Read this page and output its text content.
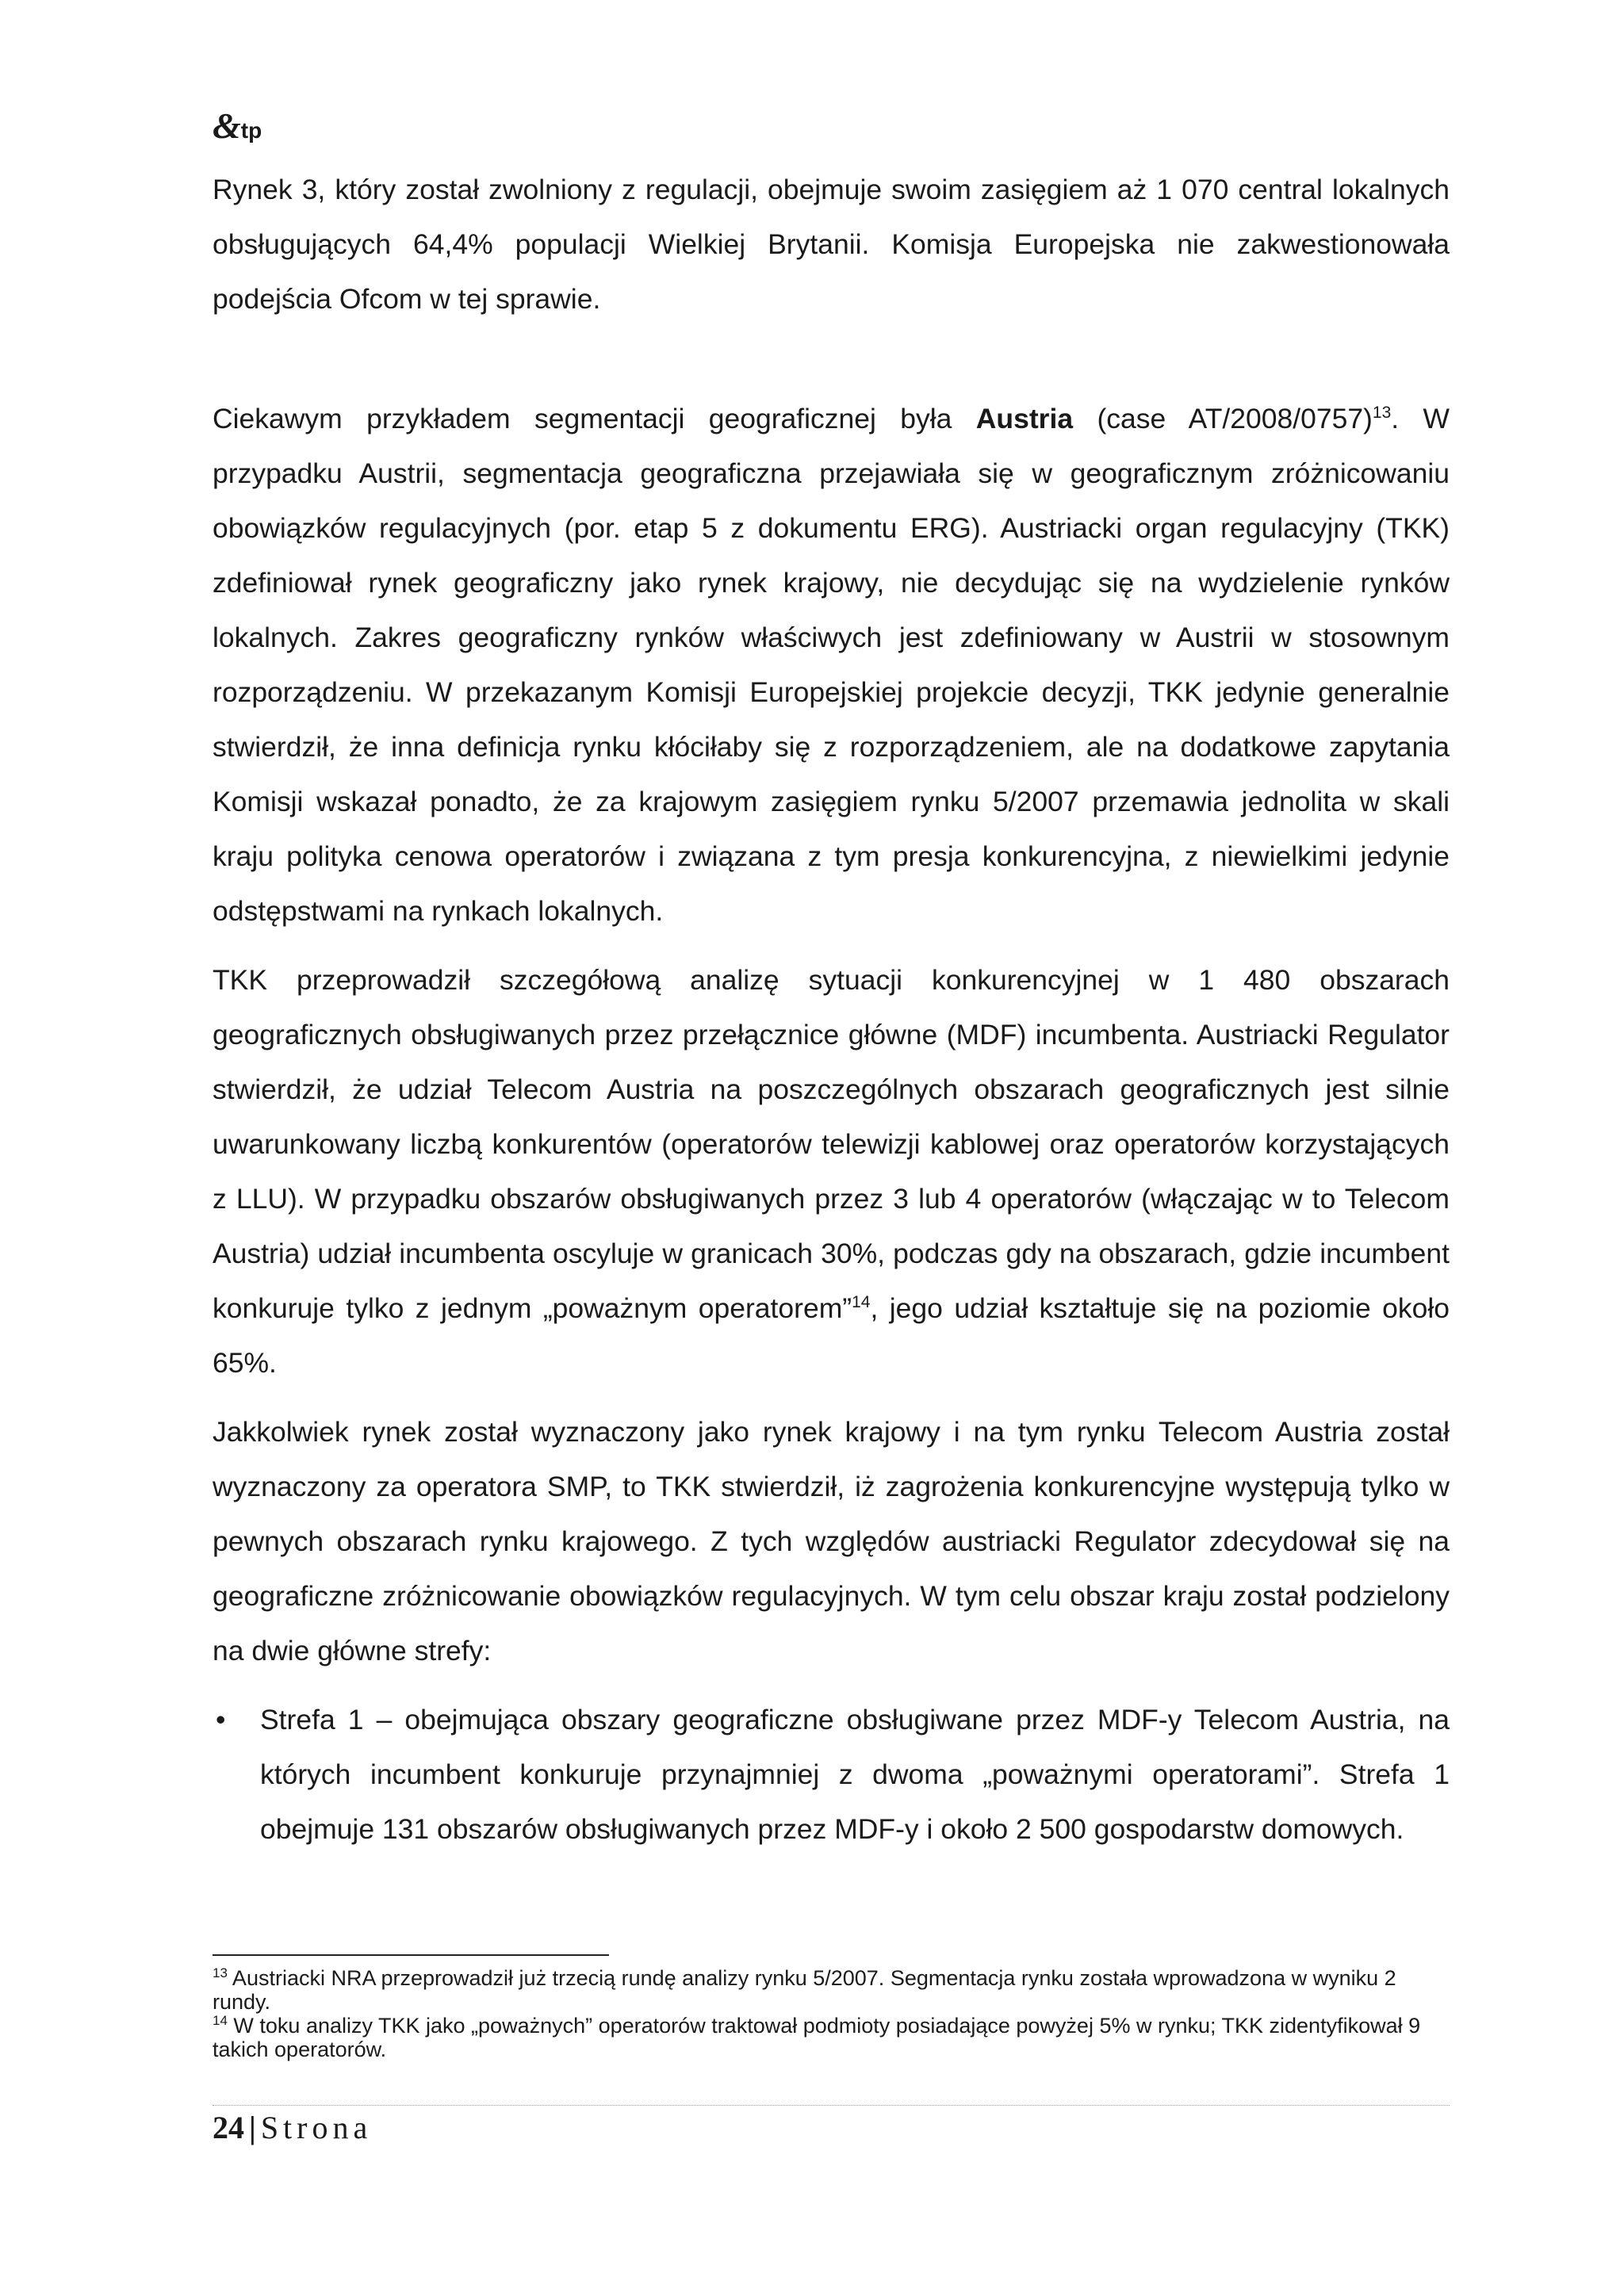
&tp

Rynek 3, który został zwolniony z regulacji, obejmuje swoim zasięgiem aż 1 070 central lokalnych obsługujących 64,4% populacji Wielkiej Brytanii. Komisja Europejska nie zakwestionowała podejścia Ofcom w tej sprawie.

Ciekawym przykładem segmentacji geograficznej była Austria (case AT/2008/0757)$^{13}$. W przypadku Austrii, segmentacja geograficzna przejawiała się w geograficznym zróżnicowaniu obowiązków regulacyjnych (por. etap 5 z dokumentu ERG). Austriacki organ regulacyjny (TKK) zdefiniował rynek geograficzny jako rynek krajowy, nie decydując się na wydzielenie rynków lokalnych. Zakres geograficzny rynków właściwych jest zdefiniowany w Austrii w stosownym rozporządzeniu. W przekazanym Komisji Europejskiej projekcie decyzji, TKK jedynie generalnie stwierdził, że inna definicja rynku kłóciłaby się z rozporządzeniem, ale na dodatkowe zapytania Komisji wskazał ponadto, że za krajowym zasięgiem rynku 5/2007 przemawia jednolita w skali kraju polityka cenowa operatorów i związana z tym presja konkurencyjna, z niewielkimi jedynie odstępstwami na rynkach lokalnych.

TKK przeprowadził szczegółową analizę sytuacji konkurencyjnej w 1 480 obszarach geograficznych obsługiwanych przez przełącznice główne (MDF) incumbenta. Austriacki Regulator stwierdził, że udział Telecom Austria na poszczególnych obszarach geograficznych jest silnie uwarunkowany liczbą konkurentów (operatorów telewizji kablowej oraz operatorów korzystających z LLU). W przypadku obszarów obsługiwanych przez 3 lub 4 operatorów (włączając w to Telecom Austria) udział incumbenta oscyluje w granicach 30%, podczas gdy na obszarach, gdzie incumbent konkuruje tylko z jednym „poważnym operatorem”$^{14}$, jego udział kształtuje się na poziomie około 65%.

Jakkolwiek rynek został wyznaczony jako rynek krajowy i na tym rynku Telecom Austria został wyznaczony za operatora SMP, to TKK stwierdził, iż zagrożenia konkurencyjne występują tylko w pewnych obszarach rynku krajowego. Z tych względów austriacki Regulator zdecydował się na geograficzne zróżnicowanie obowiązków regulacyjnych. W tym celu obszar kraju został podzielony na dwie główne strefy:

• Strefa 1 – obejmująca obszary geograficzne obsługiwane przez MDF-y Telecom Austria, na których incumbent konkuruje przynajmniej z dwoma „poważnymi operatorami”. Strefa 1 obejmuje 131 obszarów obsługiwanych przez MDF-y i około 2 500 gospodarstw domowych.

$^{13}$ Austriacki NRA przeprowadził już trzecią rundę analizy rynku 5/2007. Segmentacja rynku została wprowadzona w wyniku 2 rundy.

$^{14}$ W toku analizy TKK jako „poważnych” operatorów traktował podmioty posiadające powyżej 5% w rynku; TKK zidentyfikował 9 takich operatorów.

24 | Strona
